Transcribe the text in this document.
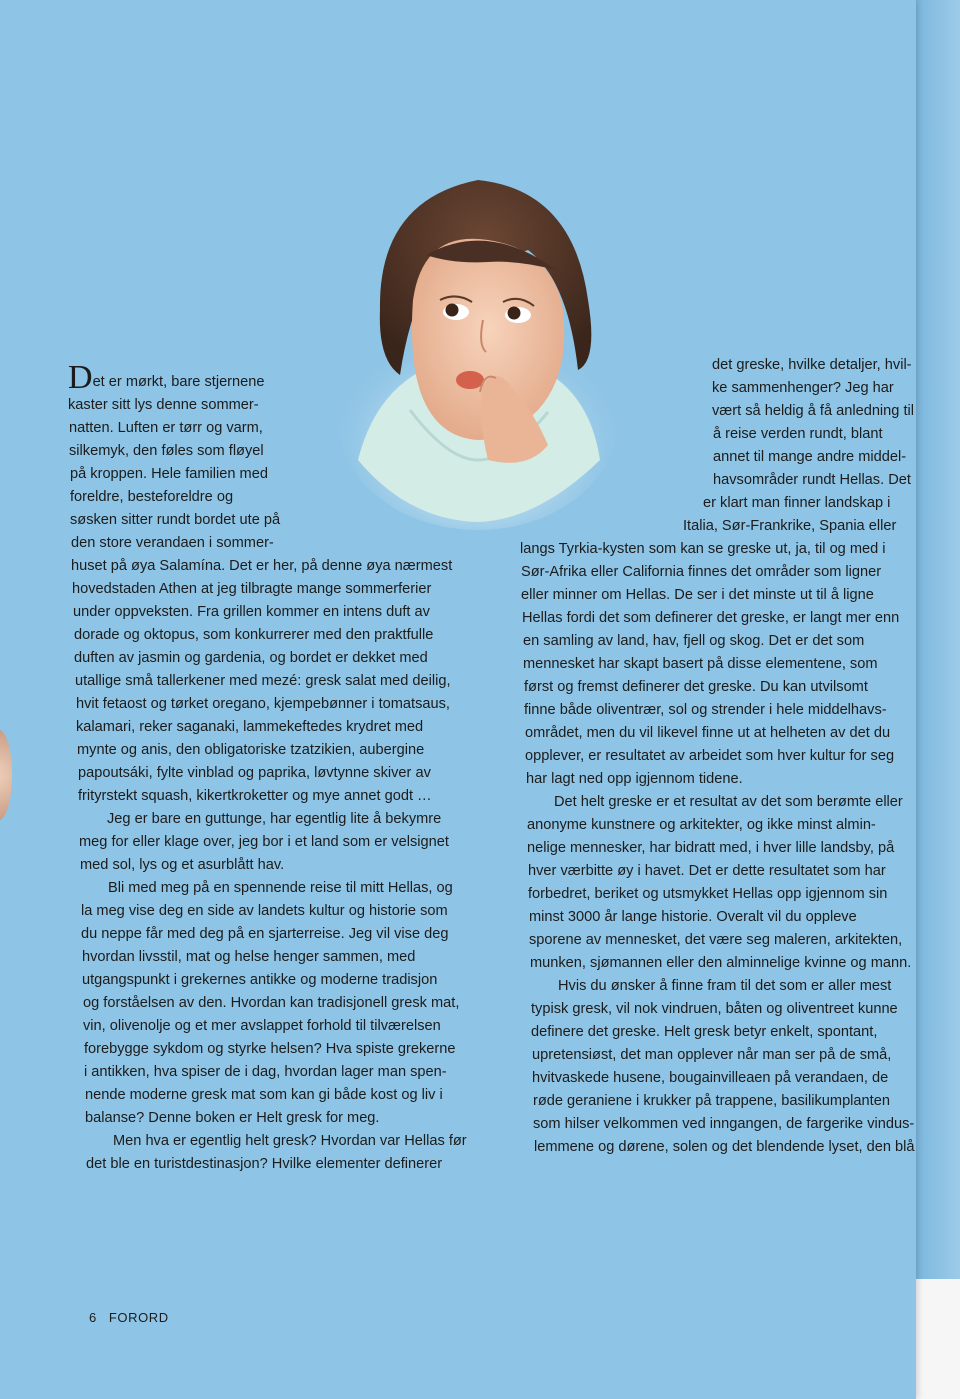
Det er mørkt, bare stjernene
kaster sitt lys denne sommer-
natten. Luften er tørr og varm,
silkemyk, den føles som fløyel
på kroppen. Hele familien med
foreldre, besteforeldre og
søsken sitter rundt bordet ute på
den store verandaen i sommer-
huset på øya Salamína. Det er her, på denne øya nærmest
hovedstaden Athen at jeg tilbragte mange sommerferier
under oppveksten. Fra grillen kommer en intens duft av
dorade og oktopus, som konkurrerer med den praktfulle
duften av jasmin og gardenia, og bordet er dekket med
utallige små tallerkener med mezé: gresk salat med deilig,
hvit fetaost og tørket oregano, kjempebønner i tomatsaus,
kalamari, reker saganaki, lammekeftedes krydret med
mynte og anis, den obligatoriske tzatzikien, aubergine
papoutsáki, fylte vinblad og paprika, løvtynne skiver av
frityrstekt squash, kikertkroketter og mye annet godt …
Jeg er bare en guttunge, har egentlig lite å bekymre
meg for eller klage over, jeg bor i et land som er velsignet
med sol, lys og et asurblått hav.
Bli med meg på en spennende reise til mitt Hellas, og
la meg vise deg en side av landets kultur og historie som
du neppe får med deg på en sjarterreise. Jeg vil vise deg
hvordan livsstil, mat og helse henger sammen, med
utgangspunkt i grekernes antikke og moderne tradisjon
og forståelsen av den. Hvordan kan tradisjonell gresk mat,
vin, olivenolje og et mer avslappet forhold til tilværelsen
forebygge sykdom og styrke helsen? Hva spiste grekerne
i antikken, hva spiser de i dag, hvordan lager man spen-
nende moderne gresk mat som kan gi både kost og liv i
balanse? Denne boken er Helt gresk for meg.
Men hva er egentlig helt gresk? Hvordan var Hellas før
det ble en turistdestinasjon? Hvilke elementer definerer
det greske, hvilke detaljer, hvil-
ke sammenhenger? Jeg har
vært så heldig å få anledning til
å reise verden rundt, blant
annet til mange andre middel-
havsområder rundt Hellas. Det
er klart man finner landskap i
Italia, Sør-Frankrike, Spania eller
langs Tyrkia-kysten som kan se greske ut, ja, til og med i
Sør-Afrika eller California finnes det områder som ligner
eller minner om Hellas. De ser i det minste ut til å ligne
Hellas fordi det som definerer det greske, er langt mer enn
en samling av land, hav, fjell og skog. Det er det som
mennesket har skapt basert på disse elementene, som
først og fremst definerer det greske. Du kan utvilsomt
finne både oliventrær, sol og strender i hele middelhavs-
området, men du vil likevel finne ut at helheten av det du
opplever, er resultatet av arbeidet som hver kultur for seg
har lagt ned opp igjennom tidene.
Det helt greske er et resultat av det som berømte eller
anonyme kunstnere og arkitekter, og ikke minst almin-
nelige mennesker, har bidratt med, i hver lille landsby, på
hver værbitte øy i havet. Det er dette resultatet som har
forbedret, beriket og utsmykket Hellas opp igjennom sin
minst 3000 år lange historie. Overalt vil du oppleve
sporene av mennesket, det være seg maleren, arkitekten,
munken, sjømannen eller den alminnelige kvinne og mann.
Hvis du ønsker å finne fram til det som er aller mest
typisk gresk, vil nok vindruen, båten og oliventreet kunne
definere det greske. Helt gresk betyr enkelt, spontant,
upretensiøst, det man opplever når man ser på de små,
hvitvaskede husene, bougainvilleaen på verandaen, de
røde geraniene i krukker på trappene, basilikumplanten
som hilser velkommen ved inngangen, de fargerike vindus-
lemmene og dørene, solen og det blendende lyset, den blå
6 FORORD
